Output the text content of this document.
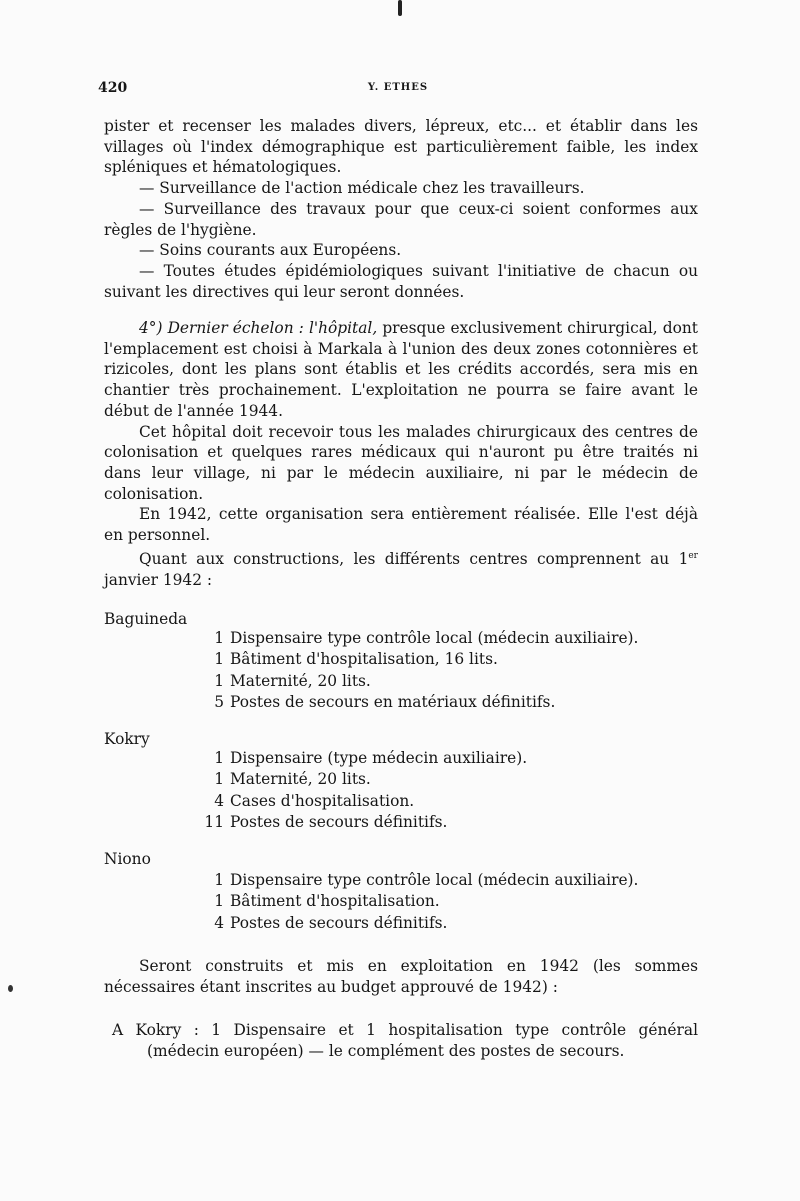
420	Y. ETHES

pister et recenser les malades divers, lépreux, etc... et établir dans les villages où l'index démographique est particulièrement faible, les index spléniques et hématologiques.

— Surveillance de l'action médicale chez les travailleurs.

— Surveillance des travaux pour que ceux-ci soient conformes aux règles de l'hygiène.

— Soins courants aux Européens.

— Toutes études épidémiologiques suivant l'initiative de chacun ou suivant les directives qui leur seront données.

4°) Dernier échelon : l'hôpital, presque exclusivement chirurgical, dont l'emplacement est choisi à Markala à l'union des deux zones cotonnières et rizicoles, dont les plans sont établis et les crédits accordés, sera mis en chantier très prochainement. L'exploitation ne pourra se faire avant le début de l'année 1944.

Cet hôpital doit recevoir tous les malades chirurgicaux des centres de colonisation et quelques rares médicaux qui n'auront pu être traités ni dans leur village, ni par le médecin auxiliaire, ni par le médecin de colonisation.

En 1942, cette organisation sera entièrement réalisée. Elle l'est déjà en personnel.

Quant aux constructions, les différents centres comprennent au 1er janvier 1942 :

Baguineda
1 Dispensaire type contrôle local (médecin auxiliaire).
1 Bâtiment d'hospitalisation, 16 lits.
1 Maternité, 20 lits.
5 Postes de secours en matériaux définitifs.
Kokry
1 Dispensaire (type médecin auxiliaire).
1 Maternité, 20 lits.
4 Cases d'hospitalisation.
11 Postes de secours définitifs.
Niono
1 Dispensaire type contrôle local (médecin auxiliaire).
1 Bâtiment d'hospitalisation.
4 Postes de secours définitifs.

Seront construits et mis en exploitation en 1942 (les sommes nécessaires étant inscrites au budget approuvé de 1942) :

A Kokry : 1 Dispensaire et 1 hospitalisation type contrôle général (médecin européen) — le complément des postes de secours.
